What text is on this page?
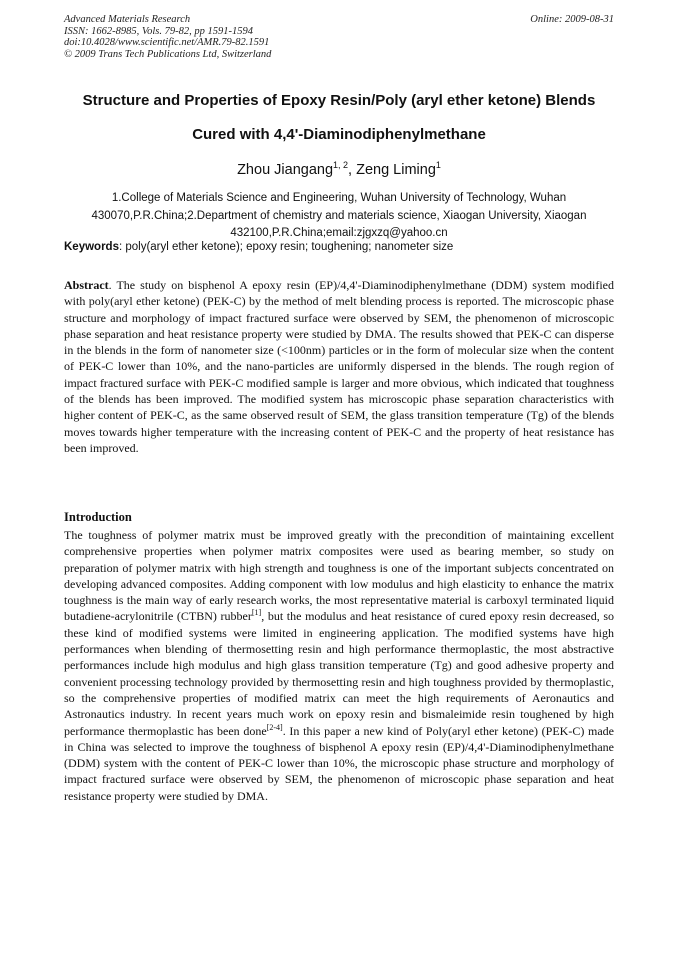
Advanced Materials Research
ISSN: 1662-8985, Vols. 79-82, pp 1591-1594
doi:10.4028/www.scientific.net/AMR.79-82.1591
© 2009 Trans Tech Publications Ltd, Switzerland
Online: 2009-08-31
Structure and Properties of Epoxy Resin/Poly (aryl ether ketone) Blends
Cured with 4,4'-Diaminodiphenylmethane
Zhou Jiangang$^{1, 2}$, Zeng Liming$^1$
1.College of Materials Science and Engineering, Wuhan University of Technology, Wuhan
430070,P.R.China;2.Department of chemistry and materials science, Xiaogan University, Xiaogan
432100,P.R.China;email:zjgxzq@yahoo.cn
Keywords: poly(aryl ether ketone); epoxy resin; toughening; nanometer size
Abstract. The study on bisphenol A epoxy resin (EP)/4,4'-Diaminodiphenylmethane (DDM) system modified with poly(aryl ether ketone) (PEK-C) by the method of melt blending process is reported. The microscopic phase structure and morphology of impact fractured surface were observed by SEM, the phenomenon of microscopic phase separation and heat resistance property were studied by DMA. The results showed that PEK-C can disperse in the blends in the form of nanometer size (<100nm) particles or in the form of molecular size when the content of PEK-C lower than 10%, and the nano-particles are uniformly dispersed in the blends. The rough region of impact fractured surface with PEK-C modified sample is larger and more obvious, which indicated that toughness of the blends has been improved. The modified system has microscopic phase separation characteristics with higher content of PEK-C, as the same observed result of SEM, the glass transition temperature (Tg) of the blends moves towards higher temperature with the increasing content of PEK-C and the property of heat resistance has been improved.
Introduction
The toughness of polymer matrix must be improved greatly with the precondition of maintaining excellent comprehensive properties when polymer matrix composites were used as bearing member, so study on preparation of polymer matrix with high strength and toughness is one of the important subjects concentrated on developing advanced composites. Adding component with low modulus and high elasticity to enhance the matrix toughness is the main way of early research works, the most representative material is carboxyl terminated liquid butadiene-acrylonitrile (CTBN) rubber[1], but the modulus and heat resistance of cured epoxy resin decreased, so these kind of modified systems were limited in engineering application. The modified systems have high performances when blending of thermosetting resin and high performance thermoplastic, the most abstractive performances include high modulus and high glass transition temperature (Tg) and good adhesive property and convenient processing technology provided by thermosetting resin and high toughness provided by thermoplastic, so the comprehensive properties of modified matrix can meet the high requirements of Aeronautics and Astronautics industry. In recent years much work on epoxy resin and bismaleimide resin toughened by high performance thermoplastic has been done[2-4]. In this paper a new kind of Poly(aryl ether ketone) (PEK-C) made in China was selected to improve the toughness of bisphenol A epoxy resin (EP)/4,4'-Diaminodiphenylmethane (DDM) system with the content of PEK-C lower than 10%, the microscopic phase structure and morphology of impact fractured surface were observed by SEM, the phenomenon of microscopic phase separation and heat resistance property were studied by DMA.
